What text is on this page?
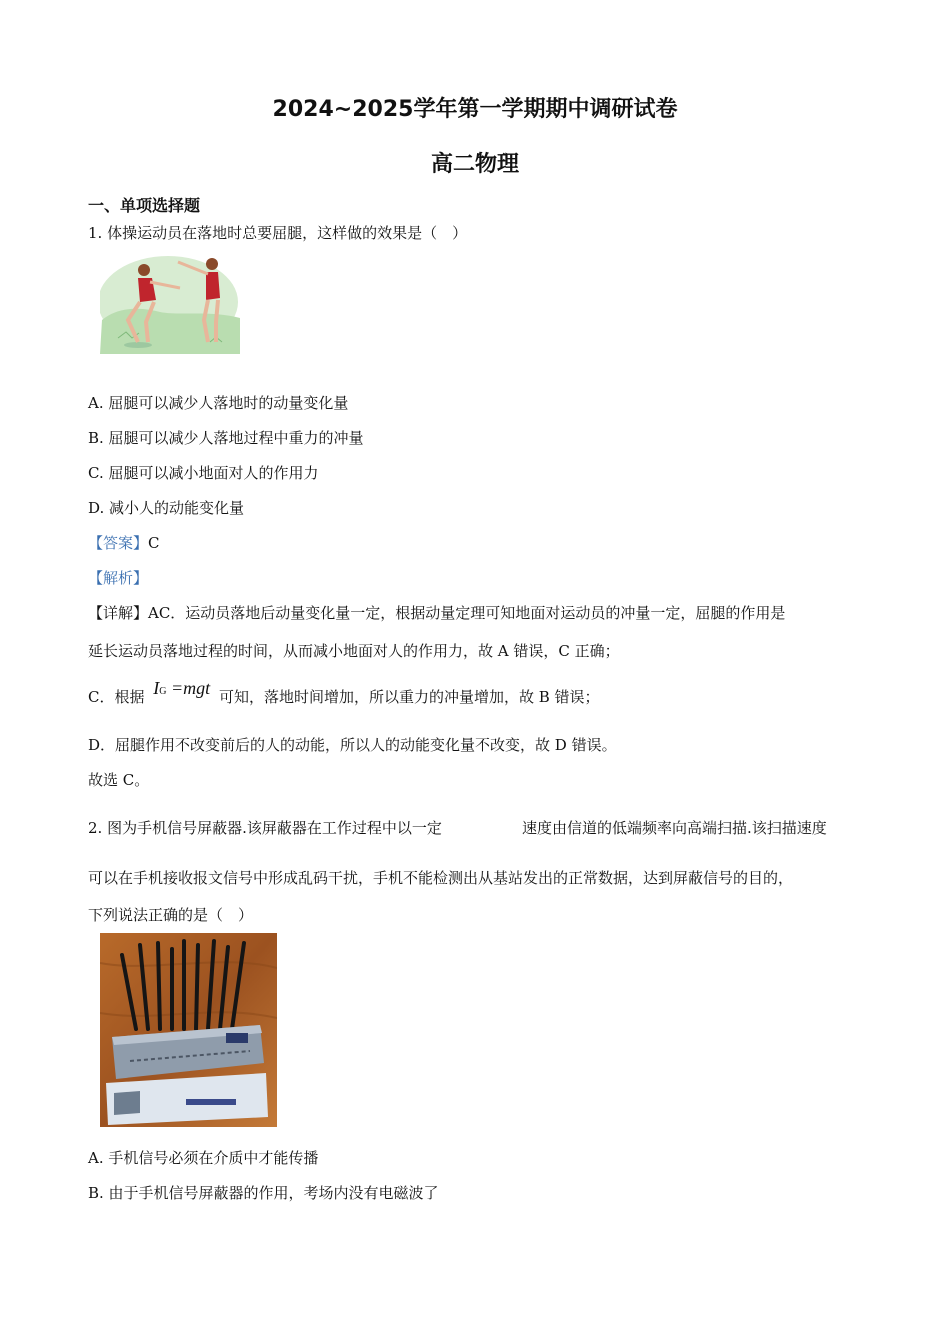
2024~2025学年第一学期期中调研试卷
高二物理
一、单项选择题
1. 体操运动员在落地时总要屈腿，这样做的效果是（　）
A. 屈腿可以减少人落地时的动量变化量
B. 屈腿可以减少人落地过程中重力的冲量
C. 屈腿可以减小地面对人的作用力
D. 减小人的动能变化量
【答案】C
【解析】
【详解】AC．运动员落地后动量变化量一定，根据动量定理可知地面对运动员的冲量一定，屈腿的作用是
延长运动员落地过程的时间，从而减小地面对人的作用力，故 A 错误，C 正确；
C．根据 IG =mgt 可知，落地时间增加，所以重力的冲量增加，故 B 错误；
D．屈腿作用不改变前后的人的动能，所以人的动能变化量不改变，故 D 错误。
故选 C。
2. 图为手机信号屏蔽器.该屏蔽器在工作过程中以一定	速度由信道的低端频率向高端扫描.该扫描速度
可以在手机接收报文信号中形成乱码干扰，手机不能检测出从基站发出的正常数据，达到屏蔽信号的目的，
下列说法正确的是（　）
A. 手机信号必须在介质中才能传播
B. 由于手机信号屏蔽器的作用，考场内没有电磁波了
